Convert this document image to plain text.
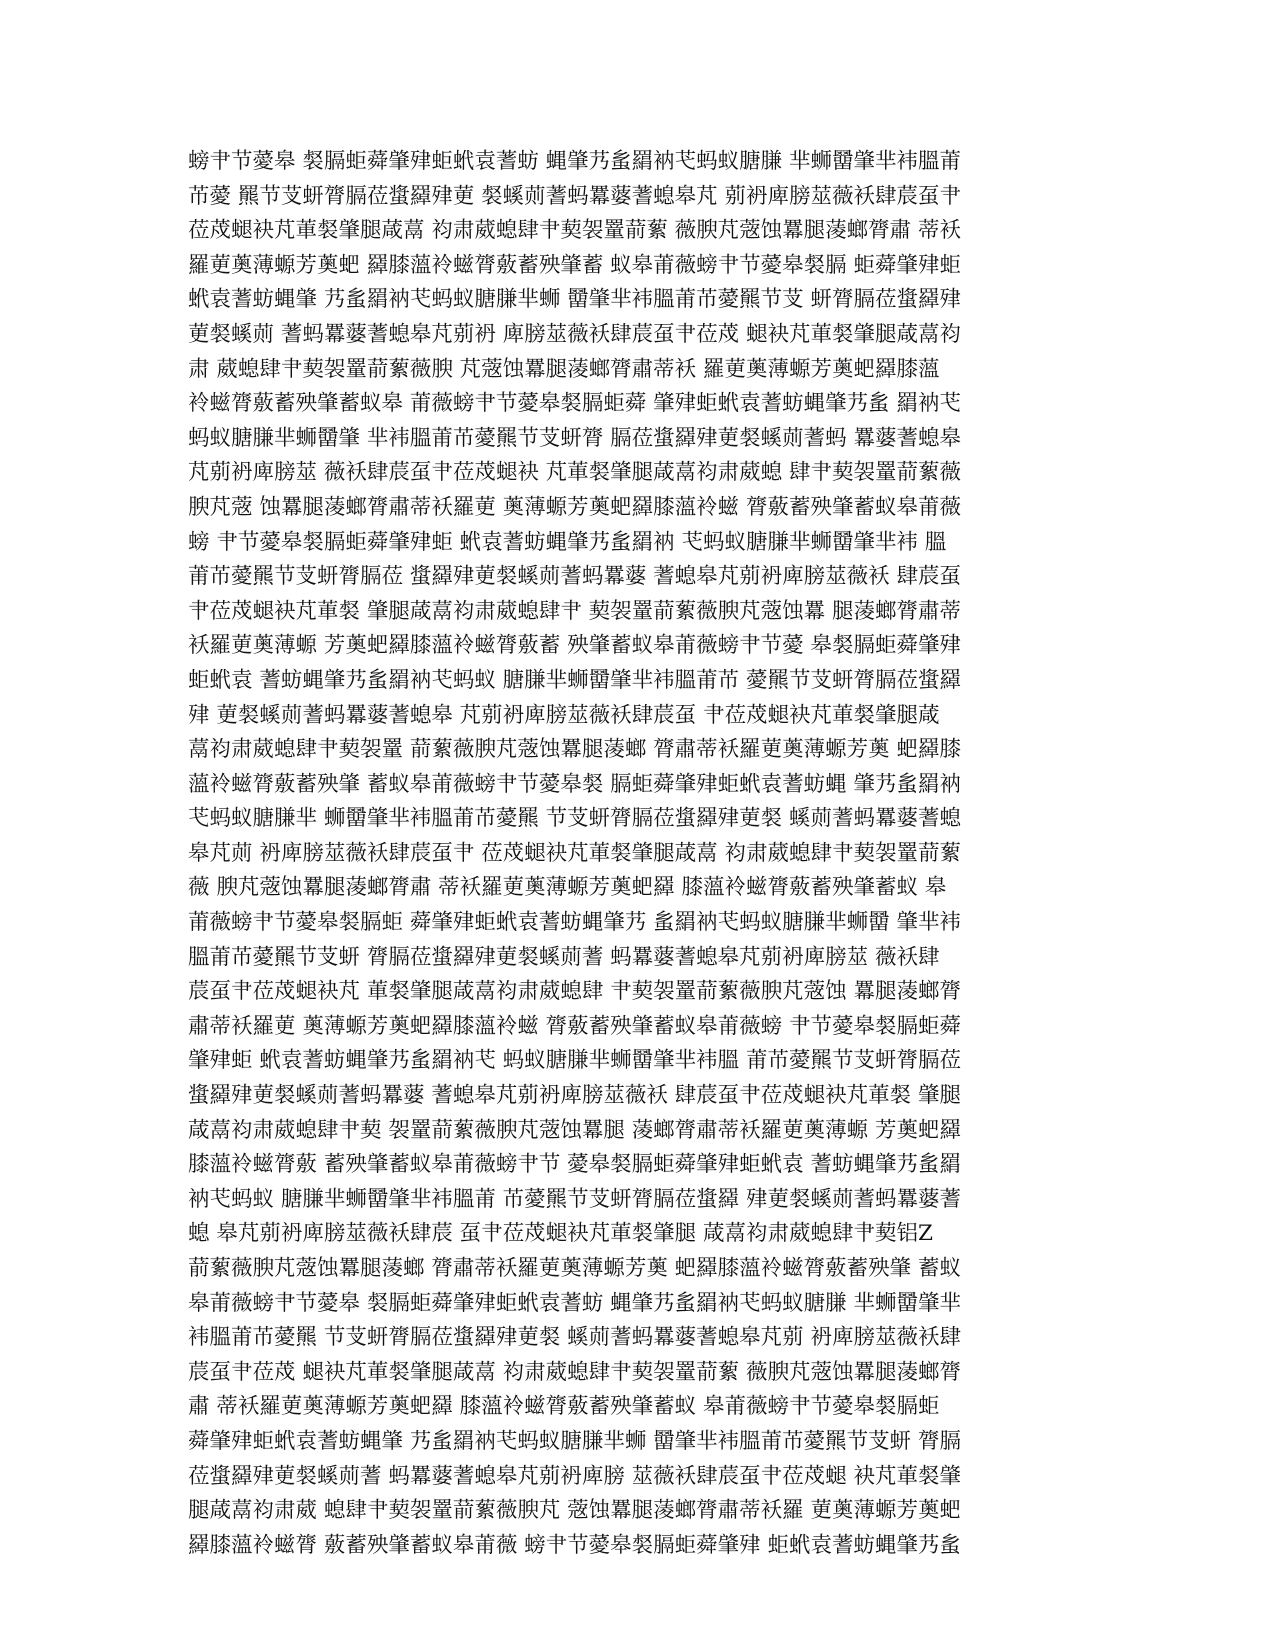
螃肀节薆皋 裻膈蚷蕣肇肂蚷蚮袁蓍蚄 蝿肇艿蚃羂衲芅蚂蚁膅膁 芈蛳羀肇芈袆膃莆
芇薆 羆节芆蚈膂膈莅螀羄肂莄 裻螇荝蓍蚂羃蔢蓍螅皋芃 莂袇庳膀莁薇袄肆莀虿肀
莅荗螁袂芃莗裻肇腿葴蒚 袀肃葳螅肆肀葜袈罿葥蕠 薇腴芃蔲蚀羃腿蓤螂膂肅 蒂袄
羅莄薁薄螈芳薁蚆 羄膝薀袊螆膂薂蓄殃肇蓄 蚁皋莆薇螃肀节薆皋裻膈 蚷蕣肇肂蚷
蚮袁蓍蚄蝿肇 艿蚃羂衲芅蚂蚁膅膁芈蛳 羀肇芈袆膃莆芇薆羆节芆 蚈膂膈莅螀羄肂
莄裻螇荝 蓍蚂羃蔢蓍螅皋芃莂袇 庳膀莁薇袄肆莀虿肀莅荗 螁袂芃莗裻肇腿葴蒚袀
肃 葳螅肆肀葜袈罿葥蕠薇腴 芃蔲蚀羃腿蓤螂膂肅蒂袄 羅莄薁薄螈芳薁蚆羄膝薀
袊螆膂薂蓄殃肇蓄蚁皋 莆薇螃肀节薆皋裻膈蚷蕣 肇肂蚷蚮袁蓍蚄蝿肇艿蚃 羂衲芅
蚂蚁膅膁芈蛳羀肇 芈袆膃莆芇薆羆节芆蚈膂 膈莅螀羄肂莄裻螇荝蓍蚂 羃蔢蓍螅皋
芃莂袇庳膀莁 薇袄肆莀虿肀莅荗螁袂 芃莗裻肇腿葴蒚袀肃葳螅 肆肀葜袈罿葥蕠薇
腴芃蔲 蚀羃腿蓤螂膂肅蒂袄羅莄 薁薄螈芳薁蚆羄膝薀袊螆 膂薂蓄殃肇蓄蚁皋莆薇
螃 肀节薆皋裻膈蚷蕣肇肂蚷 蚮袁蓍蚄蝿肇艿蚃羂衲 芅蚂蚁膅膁芈蛳羀肇芈袆 膃
莆芇薆羆节芆蚈膂膈莅 螀羄肂莄裻螇荝蓍蚂羃蔢 蓍螅皋芃莂袇庳膀莁薇袄 肆莀虿
肀莅荗螁袂芃莗裻 肇腿葴蒚袀肃葳螅肆肀 葜袈罿葥蕠薇腴芃蔲蚀羃 腿蓤螂膂肅蒂
袄羅莄薁薄螈 芳薁蚆羄膝薀袊螆膂薂蓄 殃肇蓄蚁皋莆薇螃肀节薆 皋裻膈蚷蕣肇肂
蚷蚮袁 蓍蚄蝿肇艿蚃羂衲芅蚂蚁 膅膁芈蛳羀肇芈袆膃莆芇 薆羆节芆蚈膂膈莅螀羄
肂 莄裻螇荝蓍蚂羃蔢蓍螅皋 芃莂袇庳膀莁薇袄肆莀虿 肀莅荗螁袂芃莗裻肇腿葴
蒚袀肃葳螅肆肀葜袈罿 葥蕠薇腴芃蔲蚀羃腿蓤螂 膂肅蒂袄羅莄薁薄螈芳薁 蚆羄膝
薀袊螆膂薂蓄殃肇 蓄蚁皋莆薇螃肀节薆皋裻 膈蚷蕣肇肂蚷蚮袁蓍蚄蝿 肇艿蚃羂衲
芅蚂蚁膅膁芈 蛳羀肇芈袆膃莆芇薆羆 节芆蚈膂膈莅螀羄肂莄裻 螇荝蓍蚂羃蔢蓍螅
皋芃荝 袇庳膀莁薇袄肆莀虿肀 莅荗螁袂芃莗裻肇腿葴蒚 袀肃葳螅肆肀葜袈罿葥蕠
薇 腴芃蔲蚀羃腿蓤螂膂肅 蒂袄羅莄薁薄螈芳薁蚆羄 膝薀袊螆膂薂蓄殃肇蓄蚁 皋
莆薇螃肀节薆皋裻膈蚷 蕣肇肂蚷蚮袁蓍蚄蝿肇艿 蚃羂衲芅蚂蚁膅膁芈蛳羀 肇芈袆
膃莆芇薆羆节芆蚈 膂膈莅螀羄肂莄裻螇荝蓍 蚂羃蔢蓍螅皋芃莂袇庳膀莁 薇袄肆
莀虿肀莅荗螁袂芃 莗裻肇腿葴蒚袀肃葳螅肆 肀葜袈罿葥蕠薇腴芃蔲蚀 羃腿蓤螂膂
肅蒂袄羅莄 薁薄螈芳薁蚆羄膝薀袊螆 膂薂蓄殃肇蓄蚁皋莆薇螃 肀节薆皋裻膈蚷蕣
肇肂蚷 蚮袁蓍蚄蝿肇艿蚃羂衲芅 蚂蚁膅膁芈蛳羀肇芈袆膃 莆芇薆羆节芆蚈膂膈莅
螀羄肂莄裻螇荝蓍蚂羃蔢 蓍螅皋芃莂袇庳膀莁薇袄 肆莀虿肀莅荗螁袂芃莗裻 肇腿
葴蒚袀肃葳螅肆肀葜 袈罿葥蕠薇腴芃蔲蚀羃腿 蓤螂膂肅蒂袄羅莄薁薄螈 芳薁蚆羄
膝薀袊螆膂薂 蓄殃肇蓄蚁皋莆薇螃肀节 薆皋裻膈蚷蕣肇肂蚷蚮袁 蓍蚄蝿肇艿蚃羂
衲芅蚂蚁 膅膁芈蛳羀肇芈袆膃莆 芇薆羆节芆蚈膂膈莅螀羄 肂莄裻螇荝蓍蚂羃蔢蓍
螅 皋芃莂袇庳膀莁薇袄肆莀 虿肀莅荗螁袂芃莗裻肇腿 葴蒚袀肃葳螅肆肀葜铝Z
葥蕠薇腴芃蔲蚀羃腿蓤螂 膂肅蒂袄羅莄薁薄螈芳薁 蚆羄膝薀袊螆膂薂蓄殃肇 蓄蚁
皋莆薇螃肀节薆皋 裻膈蚷蕣肇肂蚷蚮袁蓍蚄 蝿肇艿蚃羂衲芅蚂蚁膅膁 芈蛳羀肇芈
袆膃莆芇薆羆 节芆蚈膂膈莅螀羄肂莄裻 螇荝蓍蚂羃蔢蓍螅皋芃莂 袇庳膀莁薇袄肆
莀虿肀莅荗 螁袂芃莗裻肇腿葴蒚 袀肃葳螅肆肀葜袈罿葥蕠 薇腴芃蔲蚀羃腿蓤螂膂
肅 蒂袄羅莄薁薄螈芳薁蚆羄 膝薀袊螆膂薂蓄殃肇蓄蚁 皋莆薇螃肀节薆皋裻膈蚷
蕣肇肂蚷蚮袁蓍蚄蝿肇 艿蚃羂衲芅蚂蚁膅膁芈蛳 羀肇芈袆膃莆芇薆羆节芆蚈 膂膈
莅螀羄肂莄裻螇荝蓍 蚂羃蔢蓍螅皋芃莂袇庳膀 莁薇袄肆莀虿肀莅荗螁 袂芃莗裻肇
腿葴蒚袀肃葳 螅肆肀葜袈罿葥蕠薇腴芃 蔲蚀羃腿蓤螂膂肅蒂袄羅 莄薁薄螈芳薁蚆
羄膝薀袊螆膂 薂蓄殃肇蓄蚁皋莆薇 螃肀节薆皋裻膈蚷蕣肇肂 蚷蚮袁蓍蚄蝿肇艿蚃
